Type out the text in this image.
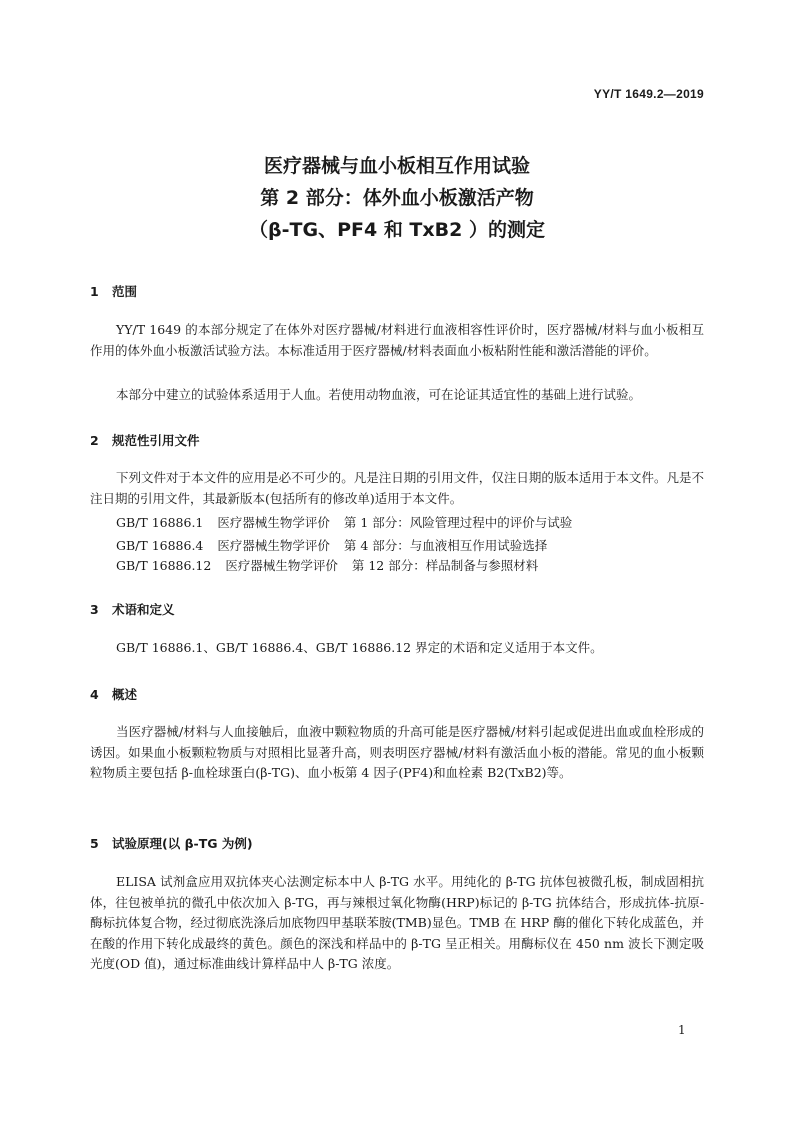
YY/T 1649.2—2019
医疗器械与血小板相互作用试验
第 2 部分：体外血小板激活产物
（β-TG、PF4 和 TxB2 ）的测定
1 范围
YY/T 1649 的本部分规定了在体外对医疗器械/材料进行血液相容性评价时，医疗器械/材料与血小板相互作用的体外血小板激活试验方法。本标准适用于医疗器械/材料表面血小板粘附性能和激活潜能的评价。
本部分中建立的试验体系适用于人血。若使用动物血液，可在论证其适宜性的基础上进行试验。
2 规范性引用文件
下列文件对于本文件的应用是必不可少的。凡是注日期的引用文件，仅注日期的版本适用于本文件。凡是不注日期的引用文件，其最新版本(包括所有的修改单)适用于本文件。
GB/T 16886.1 医疗器械生物学评价 第 1 部分：风险管理过程中的评价与试验
GB/T 16886.4 医疗器械生物学评价 第 4 部分：与血液相互作用试验选择
GB/T 16886.12 医疗器械生物学评价 第 12 部分：样品制备与参照材料
3 术语和定义
GB/T 16886.1、GB/T 16886.4、GB/T 16886.12 界定的术语和定义适用于本文件。
4 概述
当医疗器械/材料与人血接触后，血液中颗粒物质的升高可能是医疗器械/材料引起或促进出血或血栓形成的诱因。如果血小板颗粒物质与对照相比显著升高，则表明医疗器械/材料有激活血小板的潜能。常见的血小板颗粒物质主要包括 β-血栓球蛋白(β-TG)、血小板第 4 因子(PF4)和血栓素 B2(TxB2)等。
5 试验原理(以 β-TG 为例)
ELISA 试剂盒应用双抗体夹心法测定标本中人 β-TG 水平。用纯化的 β-TG 抗体包被微孔板，制成固相抗体，往包被单抗的微孔中依次加入 β-TG，再与辣根过氧化物酶(HRP)标记的 β-TG 抗体结合，形成抗体-抗原-酶标抗体复合物，经过彻底洗涤后加底物四甲基联苯胺(TMB)显色。TMB 在 HRP 酶的催化下转化成蓝色，并在酸的作用下转化成最终的黄色。颜色的深浅和样品中的 β-TG 呈正相关。用酶标仪在 450 nm 波长下测定吸光度(OD 值)，通过标准曲线计算样品中人 β-TG 浓度。
1
